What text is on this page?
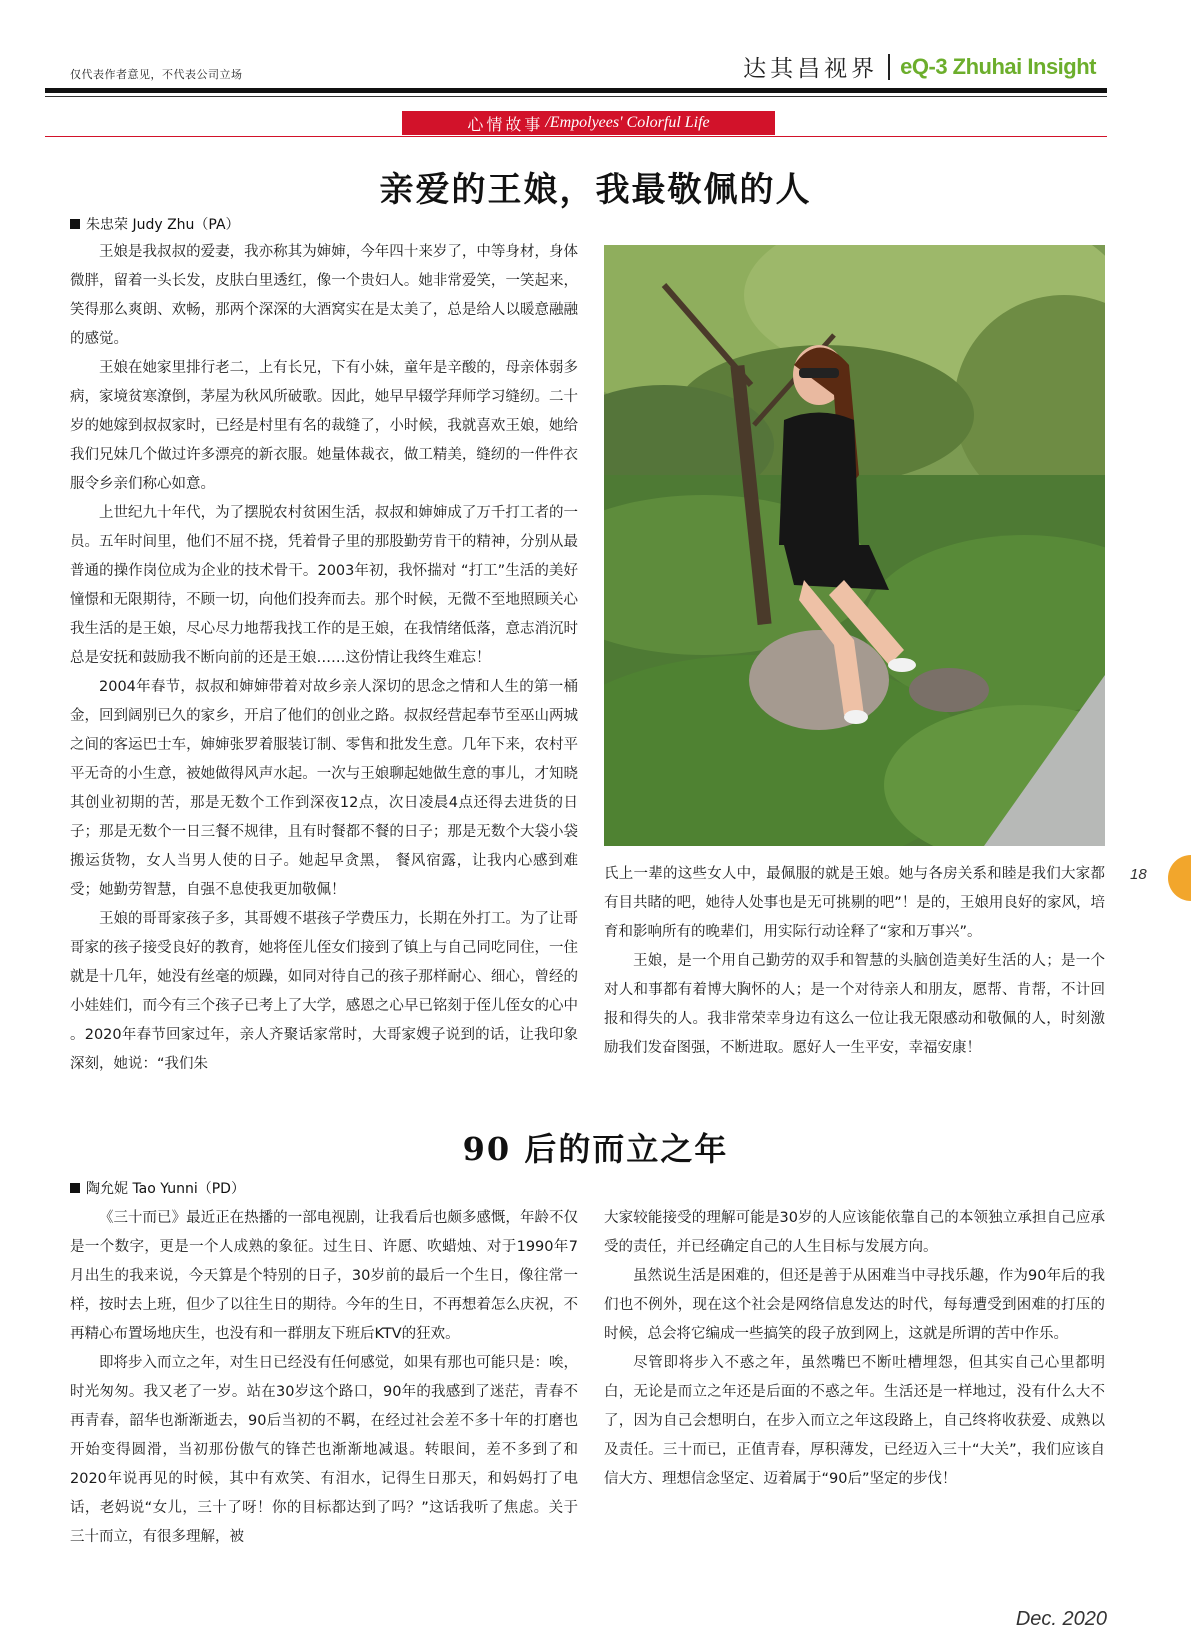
仅代表作者意见，不代表公司立场	达其昌视界 eQ-3 Zhuhai Insight
心情故事 /Empolyees' Colorful Life
亲爱的王娘，我最敬佩的人
朱忠荣 Judy Zhu（PA）

王娘是我叔叔的爱妻，我亦称其为婶婶，今年四十来岁了，中等身材，身体微胖，留着一头长发，皮肤白里透红，像一个贵妇人。她非常爱笑，一笑起来，笑得那么爽朗、欢畅，那两个深深的大酒窝实在是太美了，总是给人以暖意融融的感觉。

王娘在她家里排行老二，上有长兄，下有小妹，童年是辛酸的，母亲体弱多病，家境贫寒潦倒，茅屋为秋风所破歌。因此，她早早辍学拜师学习缝纫。二十岁的她嫁到叔叔家时，已经是村里有名的裁缝了，小时候，我就喜欢王娘，她给我们兄妹几个做过许多漂亮的新衣服。她量体裁衣，做工精美，缝纫的一件件衣服令乡亲们称心如意。

上世纪九十年代，为了摆脱农村贫困生活，叔叔和婶婶成了万千打工者的一员。五年时间里，他们不屈不挠，凭着骨子里的那股勤劳肯干的精神，分别从最普通的操作岗位成为企业的技术骨干。2003年初，我怀揣对 “打工”生活的美好憧憬和无限期待，不顾一切，向他们投奔而去。那个时候，无微不至地照顾关心我生活的是王娘，尽心尽力地帮我找工作的是王娘，在我情绪低落，意志消沉时总是安抚和鼓励我不断向前的还是王娘……这份情让我终生难忘！

2004年春节，叔叔和婶婶带着对故乡亲人深切的思念之情和人生的第一桶金，回到阔别已久的家乡，开启了他们的创业之路。叔叔经营起奉节至巫山两城之间的客运巴士车，婶婶张罗着服装订制、零售和批发生意。几年下来，农村平平无奇的小生意，被她做得风声水起。一次与王娘聊起她做生意的事儿，才知晓其创业初期的苦，那是无数个工作到深夜12点，次日凌晨4点还得去进货的日子；那是无数个一日三餐不规律，且有时餐都不餐的日子；那是无数个大袋小袋搬运货物，女人当男人使的日子。她起早贪黑， 餐风宿露，让我内心感到难受；她勤劳智慧，自强不息使我更加敬佩！

王娘的哥哥家孩子多，其哥嫂不堪孩子学费压力，长期在外打工。为了让哥哥家的孩子接受良好的教育，她将侄儿侄女们接到了镇上与自己同吃同住，一住就是十几年，她没有丝毫的烦躁，如同对待自己的孩子那样耐心、细心，曾经的小娃娃们，而今有三个孩子已考上了大学，感恩之心早已铭刻于侄儿侄女的心中 。2020年春节回家过年，亲人齐聚话家常时，大哥家嫂子说到的话，让我印象深刻，她说：“我们朱

氏上一辈的这些女人中，最佩服的就是王娘。她与各房关系和睦是我们大家都有目共睹的吧，她待人处事也是无可挑剔的吧”！是的，王娘用良好的家风，培育和影响所有的晚辈们，用实际行动诠释了“家和万事兴”。

王娘，是一个用自己勤劳的双手和智慧的头脑创造美好生活的人；是一个对人和事都有着博大胸怀的人；是一个对待亲人和朋友，愿帮、肯帮，不计回报和得失的人。我非常荣幸身边有这么一位让我无限感动和敬佩的人，时刻激励我们发奋图强，不断进取。愿好人一生平安，幸福安康！

18
90 后的而立之年
陶允妮 Tao Yunni（PD）

《三十而已》最近正在热播的一部电视剧，让我看后也颇多感慨，年龄不仅是一个数字，更是一个人成熟的象征。过生日、许愿、吹蜡烛、对于1990年7月出生的我来说，今天算是个特别的日子，30岁前的最后一个生日，像往常一样，按时去上班，但少了以往生日的期待。今年的生日，不再想着怎么庆祝，不再精心布置场地庆生，也没有和一群朋友下班后KTV的狂欢。

即将步入而立之年，对生日已经没有任何感觉，如果有那也可能只是：唉，时光匆匆。我又老了一岁。站在30岁这个路口，90年的我感到了迷茫，青春不再青春，韶华也渐渐逝去，90后当初的不羁，在经过社会差不多十年的打磨也开始变得圆滑，当初那份傲气的锋芒也渐渐地减退。转眼间，差不多到了和2020年说再见的时候，其中有欢笑、有泪水，记得生日那天，和妈妈打了电话，老妈说“女儿，三十了呀！你的目标都达到了吗？”这话我听了焦虑。关于三十而立，有很多理解，被

大家较能接受的理解可能是30岁的人应该能依靠自己的本领独立承担自己应承受的责任，并已经确定自己的人生目标与发展方向。

虽然说生活是困难的，但还是善于从困难当中寻找乐趣，作为90年后的我们也不例外，现在这个社会是网络信息发达的时代，每每遭受到困难的打压的时候，总会将它编成一些搞笑的段子放到网上，这就是所谓的苦中作乐。

尽管即将步入不惑之年，虽然嘴巴不断吐槽埋怨，但其实自己心里都明白，无论是而立之年还是后面的不惑之年。生活还是一样地过，没有什么大不了，因为自己会想明白，在步入而立之年这段路上，自己终将收获爱、成熟以及责任。三十而已，正值青春，厚积薄发，已经迈入三十“大关”，我们应该自信大方、理想信念坚定、迈着属于“90后”坚定的步伐！

Dec. 2020
